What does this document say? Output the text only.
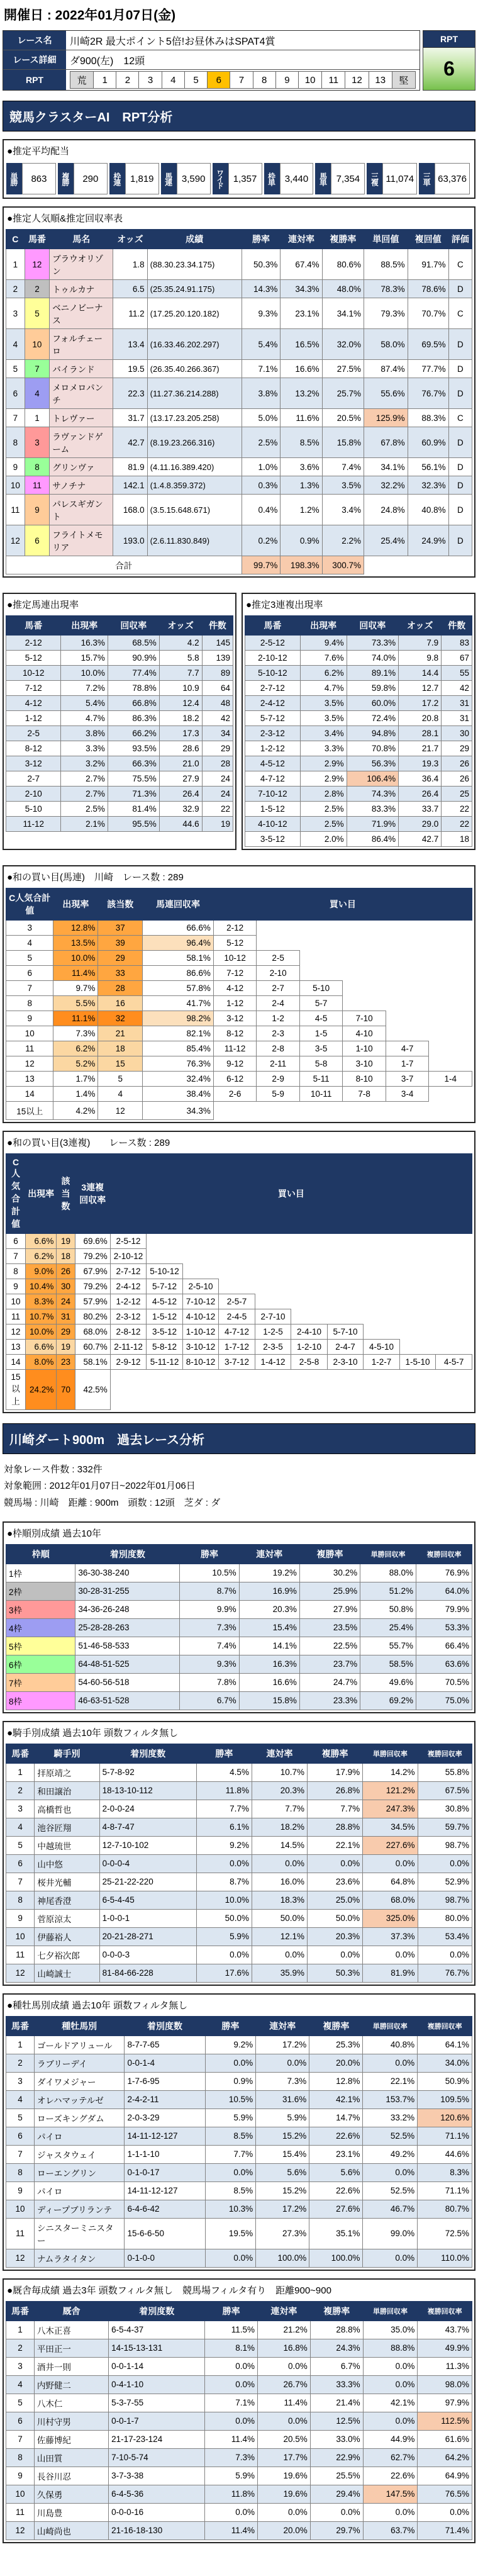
開催日 : 2022年01月07日(金)
レース名	川崎2R 最大ポイント5倍!お昼休みはSPAT4賞
レース詳細	ダ900(左)　12頭
RPT	荒	1	2	3	4	5	6	7	8	9	10	11	12	13	堅
RPT
6
競馬クラスターAI　RPT分析
●推定平均配当
単勝	863	複勝	290	枠連 1,819	馬連 3,590	ワイド 1,357	枠単 3,440	馬単 7,354	三複 11,074	三単 63,376
●推定人気順&推定回収率表
C	馬番	馬名	オッズ	成績	勝率	連対率	複勝率	単回値	複回値	評価
1	12	ブラウオリゾン	1.8	(88.30.23.34.175)	50.3%	67.4%	80.6%	88.5%	91.7%	C
2	2	トゥルカナ	6.5	(25.35.24.91.175)	14.3%	34.3%	48.0%	78.3%	78.6%	D
3	5	ベニノビーナス	11.2	(17.25.20.120.182)	9.3%	23.1%	34.1%	79.3%	70.7%	C
4	10	フォルチェーロ	13.4	(16.33.46.202.297)	5.4%	16.5%	32.0%	58.0%	69.5%	D
5	7	バイランド	19.5	(26.35.40.266.367)	7.1%	16.6%	27.5%	87.4%	77.7%	D
6	4	メロメロパンチ	22.3	(11.27.36.214.288)	3.8%	13.2%	25.7%	55.6%	76.7%	D
7	1	トレヴァー	31.7	(13.17.23.205.258)	5.0%	11.6%	20.5%	125.9%	88.3%	C
8	3	ラヴァンドゲーム	42.7	(8.19.23.266.316)	2.5%	8.5%	15.8%	67.8%	60.9%	D
9	8	グリンヴァ	81.9	(4.11.16.389.420)	1.0%	3.6%	7.4%	34.1%	56.1%	D
10	11	サノチナ	142.1	(1.4.8.359.372)	0.3%	1.3%	3.5%	32.2%	32.3%	D
11	9	パレスギガント	168.0	(3.5.15.648.671)	0.4%	1.2%	3.4%	24.8%	40.8%	D
12	6	フライトメモリア	193.0	(2.6.11.830.849)	0.2%	0.9%	2.2%	25.4%	24.9%	D
合計					99.7%	198.3%	300.7%			
●推定馬連出現率
馬番	出現率	回収率	オッズ	件数
2-12	16.3%	68.5%	4.2	145
5-12	15.7%	90.9%	5.8	139
10-12	10.0%	77.4%	7.7	89
7-12	7.2%	78.8%	10.9	64
4-12	5.4%	66.8%	12.4	48
1-12	4.7%	86.3%	18.2	42
2-5	3.8%	66.2%	17.3	34
8-12	3.3%	93.5%	28.6	29
3-12	3.2%	66.3%	21.0	28
2-7	2.7%	75.5%	27.9	24
2-10	2.7%	71.3%	26.4	24
5-10	2.5%	81.4%	32.9	22
11-12	2.1%	95.5%	44.6	19
●推定3連複出現率
馬番	出現率	回収率	オッズ	件数
2-5-12	9.4%	73.3%	7.9	83
2-10-12	7.6%	74.0%	9.8	67
5-10-12	6.2%	89.1%	14.4	55
2-7-12	4.7%	59.8%	12.7	42
2-4-12	3.5%	60.0%	17.2	31
5-7-12	3.5%	72.4%	20.8	31
2-3-12	3.4%	94.8%	28.1	30
1-2-12	3.3%	70.8%	21.7	29
4-5-12	2.9%	56.3%	19.3	26
4-7-12	2.9%	106.4%	36.4	26
7-10-12	2.8%	74.3%	26.4	25
1-5-12	2.5%	83.3%	33.7	22
4-10-12	2.5%	71.9%	29.0	22
3-5-12	2.0%	86.4%	42.7	18
●和の買い目(馬連)　川崎　レース数 : 289
C人気合計値	出現率	該当数	馬連回収率	買い目					
3	12.8%	37	66.6%	2-12					
4	13.5%	39	96.4%	5-12					
5	10.0%	29	58.1%	10-12	2-5				
6	11.4%	33	86.6%	7-12	2-10				
7	9.7%	28	57.8%	4-12	2-7	5-10			
8	5.5%	16	41.7%	1-12	2-4	5-7			
9	11.1%	32	98.2%	3-12	1-2	4-5	7-10		
10	7.3%	21	82.1%	8-12	2-3	1-5	4-10		
11	6.2%	18	85.4%	11-12	2-8	3-5	1-10	4-7	
12	5.2%	15	76.3%	9-12	2-11	5-8	3-10	1-7	
13	1.7%	5	32.4%	6-12	2-9	5-11	8-10	3-7	1-4
14	1.4%	4	38.4%	2-6	5-9	10-11	7-8	3-4	
15以上	4.2%	12	34.3%						
●和の買い目(3連複)　　レース数 : 289
C人気合計値	出現率	該当数	3連複回収率	買い目									
6	6.6%	19	69.6%	2-5-12									
7	6.2%	18	79.2%	2-10-12									
8	9.0%	26	67.9%	2-7-12	5-10-12								
9	10.4%	30	79.2%	2-4-12	5-7-12	2-5-10							
10	8.3%	24	57.9%	1-2-12	4-5-12	7-10-12	2-5-7						
11	10.7%	31	80.2%	2-3-12	1-5-12	4-10-12	2-4-5	2-7-10					
12	10.0%	29	68.0%	2-8-12	3-5-12	1-10-12	4-7-12	1-2-5	2-4-10	5-7-10			
13	6.6%	19	60.7%	2-11-12	5-8-12	3-10-12	1-7-12	2-3-5	1-2-10	2-4-7	4-5-10		
14	8.0%	23	58.1%	2-9-12	5-11-12	8-10-12	3-7-12	1-4-12	2-5-8	2-3-10	1-2-7	1-5-10	4-5-7
15以上	24.2%	70	42.5%										
川崎ダート900m　過去レース分析
対象レース件数 : 332件
対象範囲 : 2012年01月07日~2022年01月06日
競馬場 : 川崎　距離 : 900m　頭数 : 12頭　芝ダ : ダ
●枠順別成績 過去10年
枠順	着別度数	勝率	連対率	複勝率	単勝回収率	複勝回収率
1枠	36-30-38-240	10.5%	19.2%	30.2%	88.0%	76.9%
2枠	30-28-31-255	8.7%	16.9%	25.9%	51.2%	64.0%
3枠	34-36-26-248	9.9%	20.3%	27.9%	50.8%	79.9%
4枠	25-28-28-263	7.3%	15.4%	23.5%	25.4%	53.3%
5枠	51-46-58-533	7.4%	14.1%	22.5%	55.7%	66.4%
6枠	64-48-51-525	9.3%	16.3%	23.7%	58.5%	63.6%
7枠	54-60-56-518	7.8%	16.6%	24.7%	49.6%	70.5%
8枠	46-63-51-528	6.7%	15.8%	23.3%	69.2%	75.0%
●騎手別成績 過去10年 頭数フィルタ無し
馬番	騎手別	着別度数	勝率	連対率	複勝率	単勝回収率	複勝回収率
1	拝原靖之	5-7-8-92	4.5%	10.7%	17.9%	14.2%	55.8%
2	和田譲治	18-13-10-112	11.8%	20.3%	26.8%	121.2%	67.5%
3	高橋哲也	2-0-0-24	7.7%	7.7%	7.7%	247.3%	30.8%
4	池谷匠翔	4-8-7-47	6.1%	18.2%	28.8%	34.5%	59.7%
5	中越琉世	12-7-10-102	9.2%	14.5%	22.1%	227.6%	98.7%
6	山中悠	0-0-0-4	0.0%	0.0%	0.0%	0.0%	0.0%
7	桜井光輔	25-21-22-220	8.7%	16.0%	23.6%	64.8%	52.9%
8	神尾香澄	6-5-4-45	10.0%	18.3%	25.0%	68.0%	98.7%
9	菅原涼太	1-0-0-1	50.0%	50.0%	50.0%	325.0%	80.0%
10	伊藤裕人	20-21-28-271	5.9%	12.1%	20.3%	37.3%	53.4%
11	七夕裕次郎	0-0-0-3	0.0%	0.0%	0.0%	0.0%	0.0%
12	山崎誠士	81-84-66-228	17.6%	35.9%	50.3%	81.9%	76.7%
●種牡馬別成績 過去10年 頭数フィルタ無し
馬番	種牡馬別	着別度数	勝率	連対率	複勝率	単勝回収率	複勝回収率
1	ゴールドアリュール	8-7-7-65	9.2%	17.2%	25.3%	40.8%	64.1%
2	ラブリーデイ	0-0-1-4	0.0%	0.0%	20.0%	0.0%	34.0%
3	ダイワメジャー	1-7-6-95	0.9%	7.3%	12.8%	22.1%	50.9%
4	オレハマッテルゼ	2-4-2-11	10.5%	31.6%	42.1%	153.7%	109.5%
5	ローズキングダム	2-0-3-29	5.9%	5.9%	14.7%	33.2%	120.6%
6	パイロ	14-11-12-127	8.5%	15.2%	22.6%	52.5%	71.1%
7	ジャスタウェイ	1-1-1-10	7.7%	15.4%	23.1%	49.2%	44.6%
8	ローエングリン	0-1-0-17	0.0%	5.6%	5.6%	0.0%	8.3%
9	パイロ	14-11-12-127	8.5%	15.2%	22.6%	52.5%	71.1%
10	ディープブリランテ	6-4-6-42	10.3%	17.2%	27.6%	46.7%	80.7%
11	シニスターミニスター	15-6-6-50	19.5%	27.3%	35.1%	99.0%	72.5%
12	ナムラタイタン	0-1-0-0	0.0%	100.0%	100.0%	0.0%	110.0%
●厩舎毎成績 過去3年 頭数フィルタ無し　競馬場フィルタ有り　距離900~900
馬番	厩舎	着別度数	勝率	連対率	複勝率	単勝回収率	複勝回収率
1	八木正喜	6-5-4-37	11.5%	21.2%	28.8%	35.0%	43.7%
2	平田正一	14-15-13-131	8.1%	16.8%	24.3%	88.8%	49.9%
3	酒井一則	0-0-1-14	0.0%	0.0%	6.7%	0.0%	11.3%
4	内野健二	0-4-1-10	0.0%	26.7%	33.3%	0.0%	98.0%
5	八木仁	5-3-7-55	7.1%	11.4%	21.4%	42.1%	97.9%
6	川村守男	0-0-1-7	0.0%	0.0%	12.5%	0.0%	112.5%
7	佐藤博紀	21-17-23-124	11.4%	20.5%	33.0%	44.9%	61.6%
8	山田質	7-10-5-74	7.3%	17.7%	22.9%	62.7%	64.2%
9	長谷川忍	3-7-3-38	5.9%	19.6%	25.5%	22.6%	64.9%
10	久保勇	6-4-5-36	11.8%	19.6%	29.4%	147.5%	76.5%
11	川島豊	0-0-0-16	0.0%	0.0%	0.0%	0.0%	0.0%
12	山崎尚也	21-16-18-130	11.4%	20.0%	29.7%	63.7%	71.4%
